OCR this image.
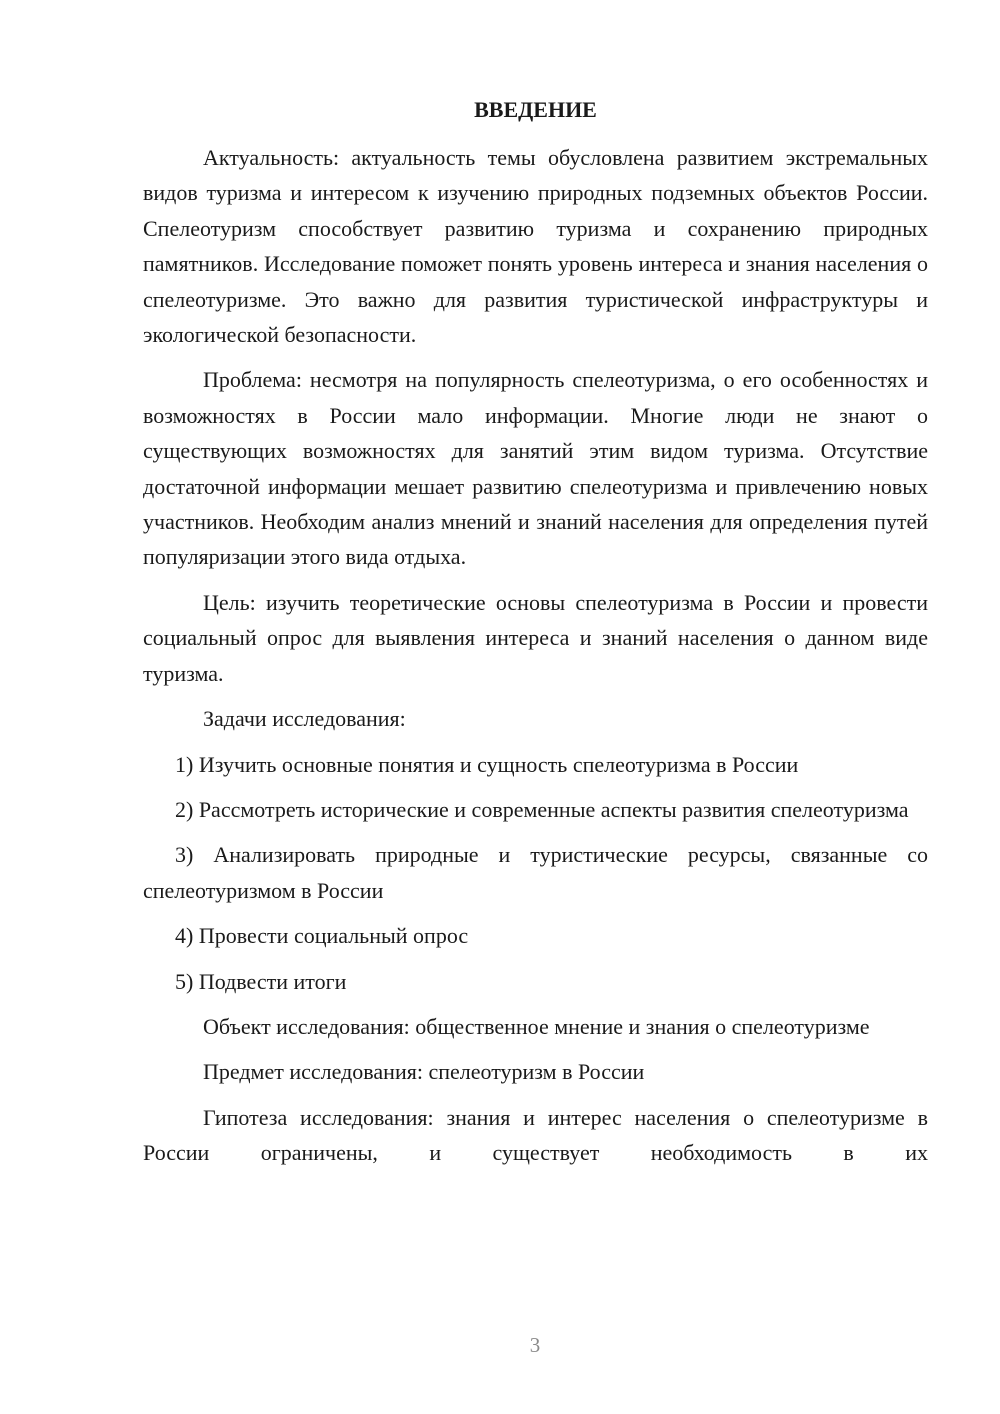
ВВЕДЕНИЕ

Актуальность: актуальность темы обусловлена развитием экстремальных видов туризма и интересом к изучению природных подземных объектов России. Спелеотуризм способствует развитию туризма и сохранению природных памятников. Исследование поможет понять уровень интереса и знания населения о спелеотуризме. Это важно для развития туристической инфраструктуры и экологической безопасности.

Проблема: несмотря на популярность спелеотуризма, о его особенностях и возможностях в России мало информации. Многие люди не знают о существующих возможностях для занятий этим видом туризма. Отсутствие достаточной информации мешает развитию спелеотуризма и привлечению новых участников. Необходим анализ мнений и знаний населения для определения путей популяризации этого вида отдыха.

Цель: изучить теоретические основы спелеотуризма в России и провести социальный опрос для выявления интереса и знаний населения о данном виде туризма.

Задачи исследования:

1) Изучить основные понятия и сущность спелеотуризма в России

2) Рассмотреть исторические и современные аспекты развития спелеотуризма

3) Анализировать природные и туристические ресурсы, связанные со спелеотуризмом в России

4) Провести социальный опрос

5) Подвести итоги

Объект исследования: общественное мнение и знания о спелеотуризме

Предмет исследования: спелеотуризм в России

Гипотеза исследования: знания и интерес населения о спелеотуризме в России ограничены, и существует необходимость в их

3
